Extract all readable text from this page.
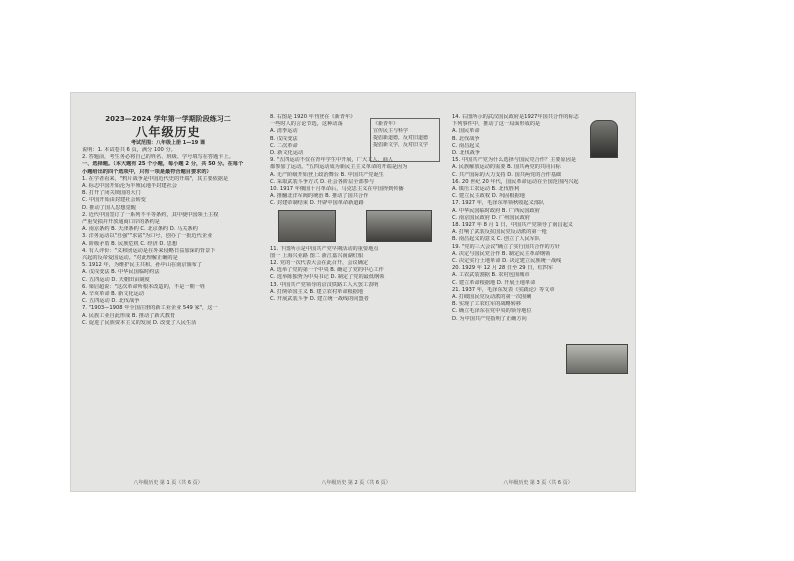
2023—2024 学年第一学期阶段练习二
八年级历史
考试范围：八年级上册 1—19 课
说明：1. 本试卷共 6 页，满分 100 分。
2. 答题前，考生务必将自己的姓名、班级、学号填写在答题卡上。
一、选择题。（本大题有 25 个小题，每小题 2 分，共 50 分。在每个
小题给出的四个选项中，只有一项是最符合题目要求的）
1. 在学者看来，"鸦片战争是中国近代史的开端"，其主要依据是
A. 标志中国开始沦为半殖民地半封建社会
B. 打开了闭关锁国的大门
C. 中国开始由封建社会转变
D. 推动了国人思想觉醒
2. 近代中国签订了一系列不平等条约，其中使中国领土主权
严重受损并开放通商口岸的条约是
A. 南京条约 B. 天津条约 C. 北京条约 D. 马关条约
3. 洋务运动以"自强""求富"为口号，创办了一批近代企业
A. 阶级矛盾 B. 民族危机 C. 经济 D. 思想
4. 有人评价："义和团运动是在外来侵略日益加深的背景下
兴起的反帝爱国运动。"对此理解正确的是
5. 1912 年，为维护民主共和，孙中山在南京颁布了
A. 戊戌变法 B. 中华民国临时约法
C. 五四运动 D. 天朝田亩制度
6. 梁启超说："这次革命所根本改造的，不是一朝一姓
A. 辛亥革命 B. 新文化运动
C. 五四运动 D. 北伐战争
7. "1903—1908 年全国注册的新工业企业 549 家"，这一
A. 民族工业自此形成 B. 推动了新式教育
C. 促进了民族资本主义的发展 D. 改变了人民生活
八年级历史 第 1 页（共 6 页）
8. 右图是 1920 年刊登在《新青年》
一些时人的言论节选，这种动荡
A. 清季运动
B. 戊戌变法
C. 二次革命
D. 新文化运动
9. "五四运动不仅在青年学生中开展，广大工人、商人
都参加了运动。"五四运动成为新民主主义革命的开端是因为
A. 无产阶级开始登上政治舞台 B. 中国共产党诞生
C. 采取武装斗争方式 D. 社会各阶层全部参与
10. 1917 年俄国十月革命后，马克思主义在中国得到传播
A. 推翻北洋军阀的统治 B. 推动了国共合作
C. 封建帝制结束 D. 开辟中国革命新道路
11. 下图所示是中国共产党早期活动的重要地点
图一 上海兴业路 图二 浙江嘉兴南湖红船
12. 党的一次代表大会在此召开，会议确定
A. 选举了党的第一个中央 B. 确定了党的中心工作
C. 选举陈独秀为中央书记 D. 制定了党的最低纲领
13. 中国共产党领导的京汉铁路工人大罢工表明
A. 打倒帝国主义 B. 建立农村革命根据地
C. 开展武装斗争 D. 建立统一战线的同盟者
《新青年》
宣传民主与科学
提倡新道德，反对旧道德
提倡新文学，反对旧文学
八年级历史 第 2 页（共 6 页）
14. 右图所示的武汉国民政府是1927年国共合作的标志
下列事件中，推动了这一局面形成的是
A. 国民革命
B. 北伐战争
C. 南昌起义
D. 北伐战争
15. 中国共产党为什么选择与国民党合作？主要原因是
A. 民族解放运动的需要 B. 国共两党的共同目标
C. 共产国际的大力支持 D. 国共两党的合作基础
16. 20 世纪 20 年代，国民革命运动在全国范围内兴起
A. 镇压工农运动 B. 北伐胜利
C. 建立民主政权 D. 巩固根据地
17. 1927 年，毛泽东率领秋收起义部队
A. 中华民国临时政府 B. 广西民国政府
C. 南京国民政府 D. 广州国民政府
18. 1927 年 8 月 1 日，中国共产党领导了南昌起义
A. 打响了武装反抗国民党反动派的第一枪
B. 南昌起义的意义 C. 创立了人民军队
19. "党的三大会议"确立了实行国共合作的方针
A. 决定与国民党合作 B. 制定民主革命纲领
C. 决定实行土地革命 D. 决定建立民族统一战线
20. 1929 年 12 月 28 日至 29 日，红四军
A. 工农武装割据 B. 农村包围城市
C. 建立革命根据地 D. 开展土地革命
21. 1937 年，毛泽东发表《实践论》等文章
A. 打破国民党反动派的第一次围剿
B. 实现了工农红军的战略转移
C. 确立毛泽东在党中央的领导地位
D. 为中国共产党指明了正确方向
八年级历史 第 3 页（共 6 页）
